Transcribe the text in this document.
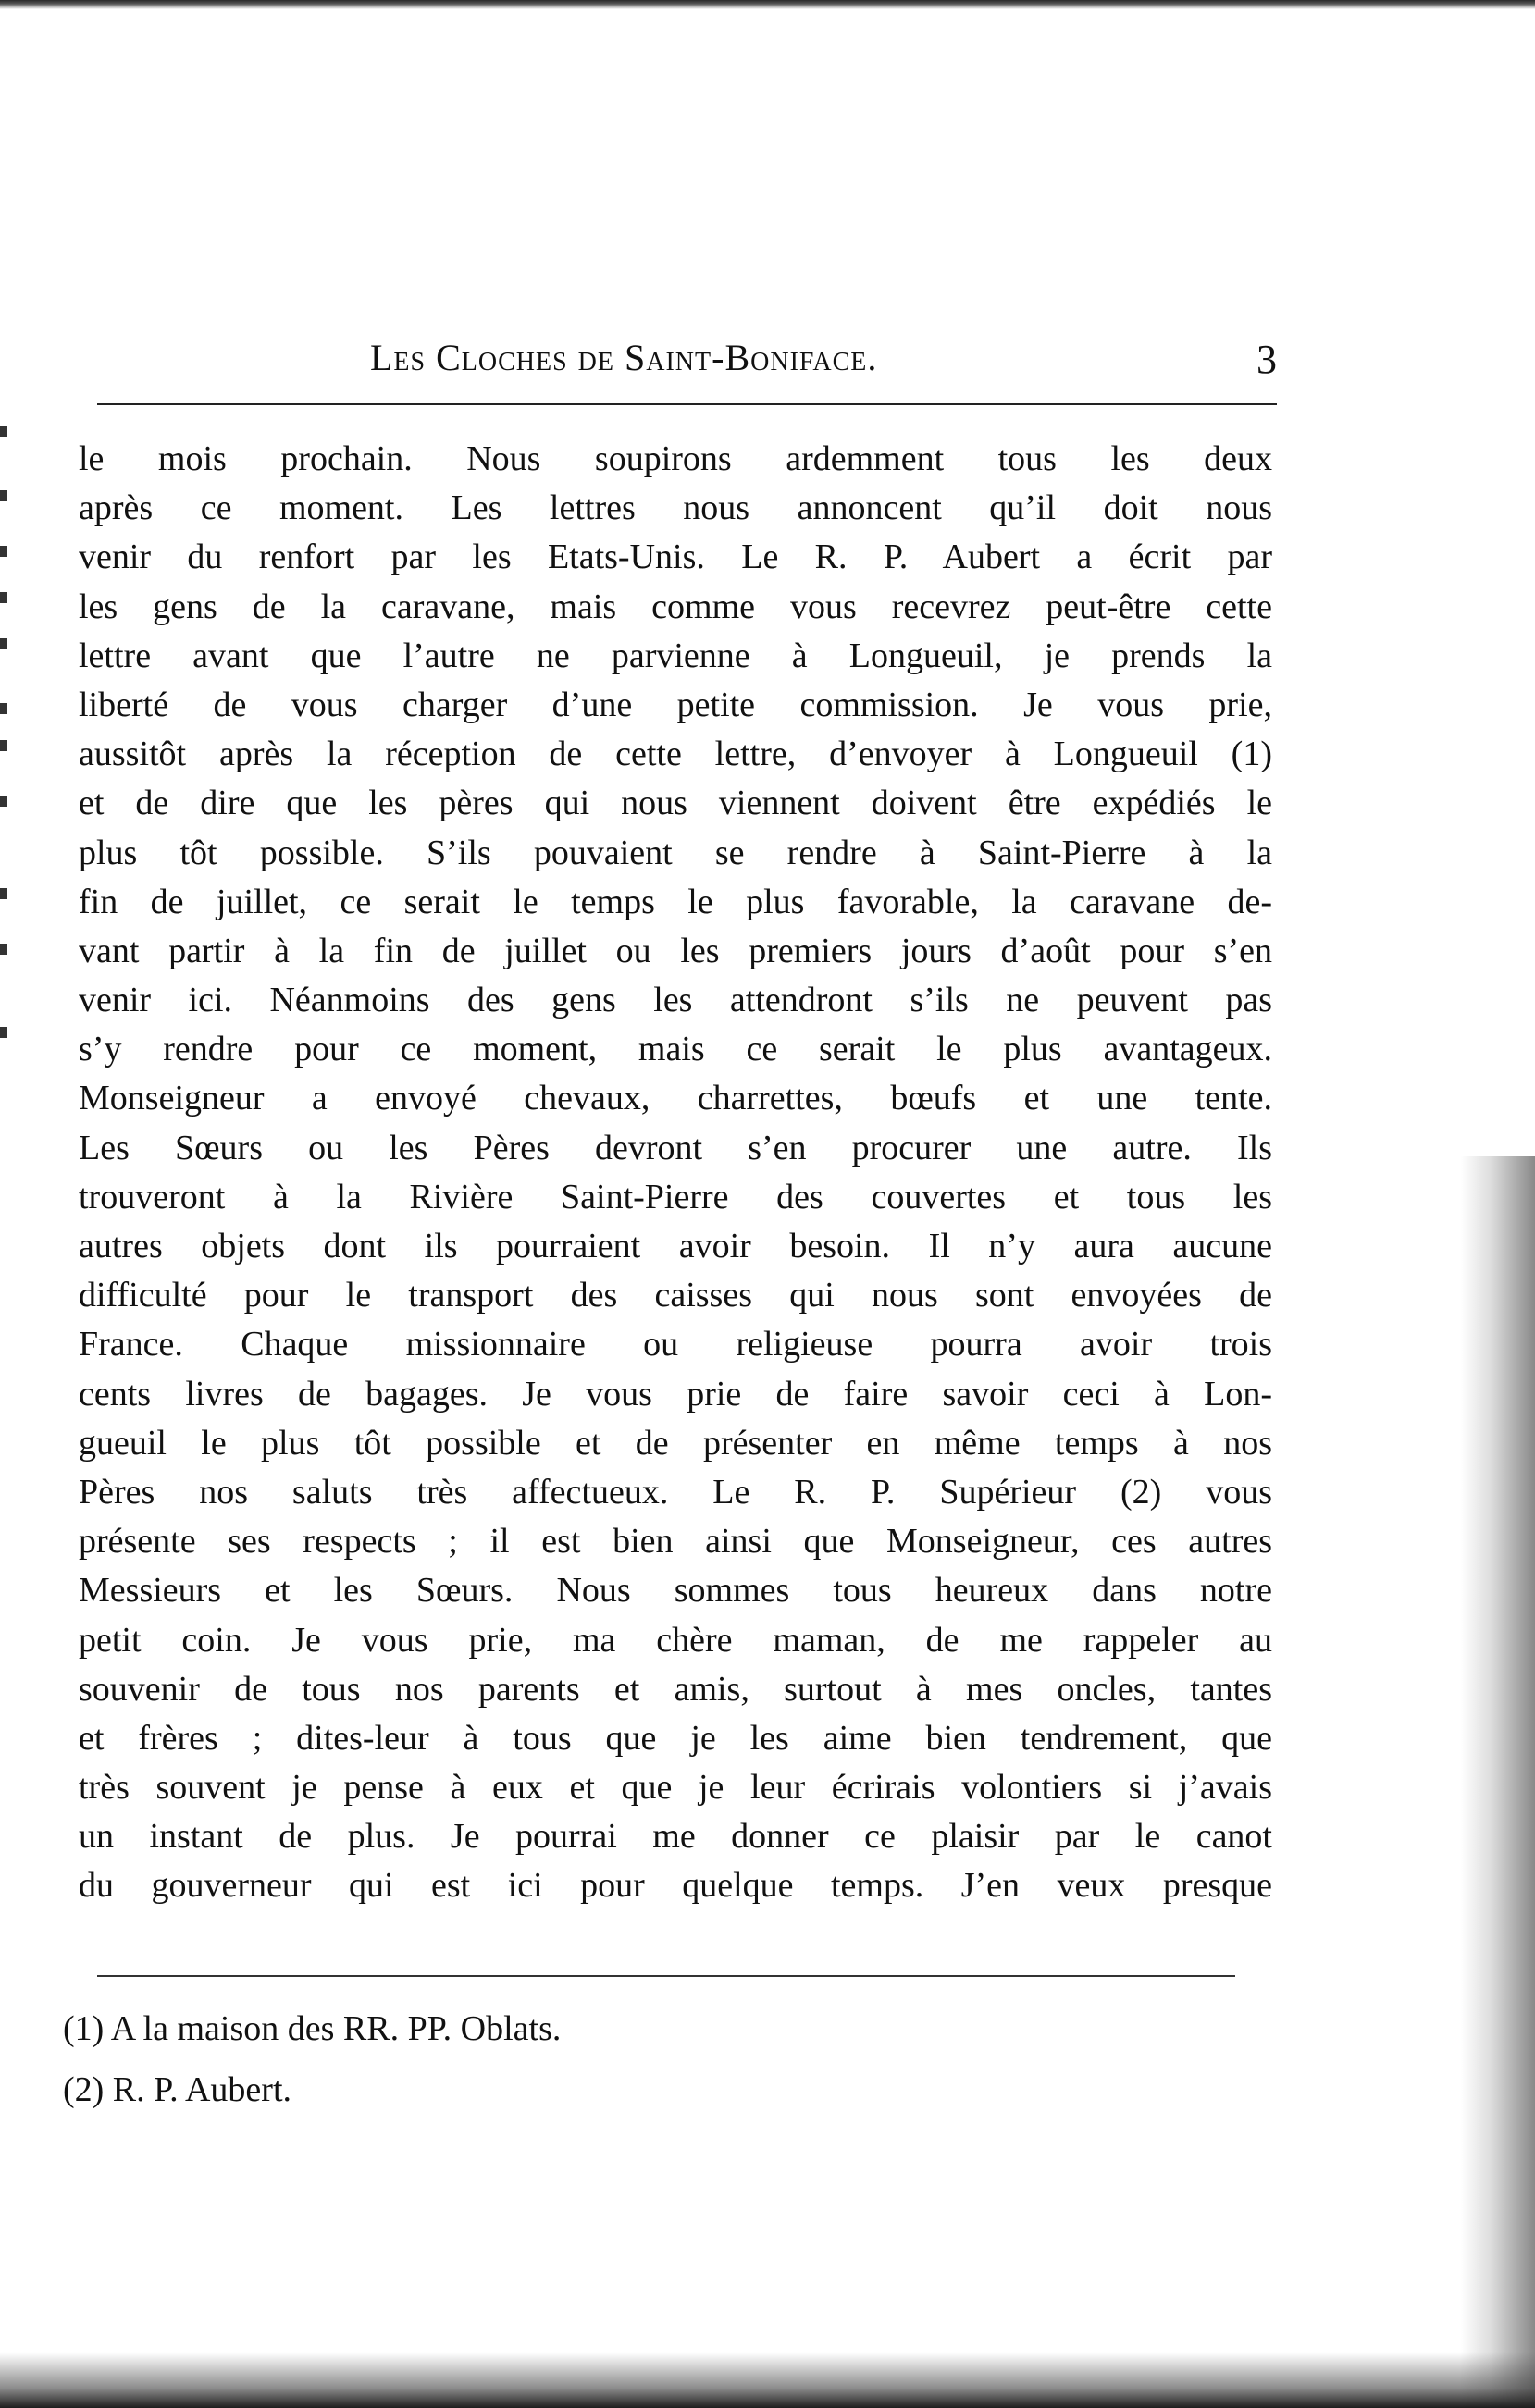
Les Cloches de Saint-Boniface.	3
le mois prochain. Nous soupirons ardemment tous les deux
après ce moment. Les lettres nous annoncent qu’il doit nous
venir du renfort par les Etats-Unis. Le R. P. Aubert a écrit par
les gens de la caravane, mais comme vous recevrez peut-être cette
lettre avant que l’autre ne parvienne à Longueuil, je prends la
liberté de vous charger d’une petite commission. Je vous prie,
aussitôt après la réception de cette lettre, d’envoyer à Longueuil (1)
et de dire que les pères qui nous viennent doivent être expédiés le
plus tôt possible. S’ils pouvaient se rendre à Saint-Pierre à la
fin de juillet, ce serait le temps le plus favorable, la caravane de-
vant partir à la fin de juillet ou les premiers jours d’août pour s’en
venir ici. Néanmoins des gens les attendront s’ils ne peuvent pas
s’y rendre pour ce moment, mais ce serait le plus avantageux.
Monseigneur a envoyé chevaux, charrettes, bœufs et une tente.
Les Sœurs ou les Pères devront s’en procurer une autre. Ils
trouveront à la Rivière Saint-Pierre des couvertes et tous les
autres objets dont ils pourraient avoir besoin. Il n’y aura aucune
difficulté pour le transport des caisses qui nous sont envoyées de
France. Chaque missionnaire ou religieuse pourra avoir trois
cents livres de bagages. Je vous prie de faire savoir ceci à Lon-
gueuil le plus tôt possible et de présenter en même temps à nos
Pères nos saluts très affectueux. Le R. P. Supérieur (2) vous
présente ses respects ; il est bien ainsi que Monseigneur, ces autres
Messieurs et les Sœurs. Nous sommes tous heureux dans notre
petit coin. Je vous prie, ma chère maman, de me rappeler au
souvenir de tous nos parents et amis, surtout à mes oncles, tantes
et frères ; dites-leur à tous que je les aime bien tendrement, que
très souvent je pense à eux et que je leur écrirais volontiers si j’avais
un instant de plus. Je pourrai me donner ce plaisir par le canot
du gouverneur qui est ici pour quelque temps. J’en veux presque
(1) A la maison des RR. PP. Oblats.
(2) R. P. Aubert.
